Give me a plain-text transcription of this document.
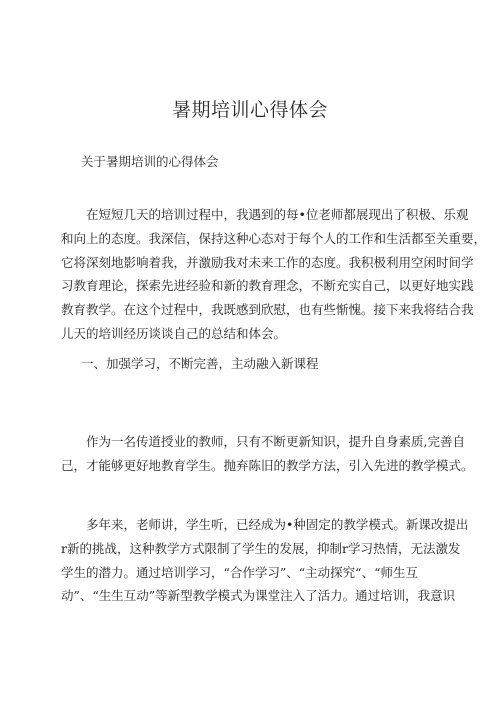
暑期培训心得体会
关于暑期培训的心得体会
在短短几天的培训过程中，我遇到的每•位老师都展现出了积极、乐观
和向上的态度。我深信，保持这种心态对于每个人的工作和生活都至关重要，
它将深刻地影响着我，并激励我对未来工作的态度。我积极利用空闲时间学
习教育理论，探索先进经验和新的教育理念，不断充实自己，以更好地实践
教育教学。在这个过程中，我既感到欣慰，也有些惭愧。接下来我将结合我
儿天的培训经历谈谈自己的总结和体会。
一、加强学习，不断完善，主动融入新课程
作为一名传道授业的教师，只有不断更新知识，提升自身素质,完善自
己，才能够更好地教育学生。抛弃陈旧的教学方法，引入先进的教学模式。
多年来，老师讲，学生听，已经成为•种固定的教学模式。新课改提出
r新的挑战，这种教学方式限制了学生的发展，抑制r学习热情，无法激发
学生的潜力。通过培训学习，“合作学习”、“主动探究“、“师生互
动”、“生生互动”等新型教学模式为课堂注入了活力。通过培训，我意识
